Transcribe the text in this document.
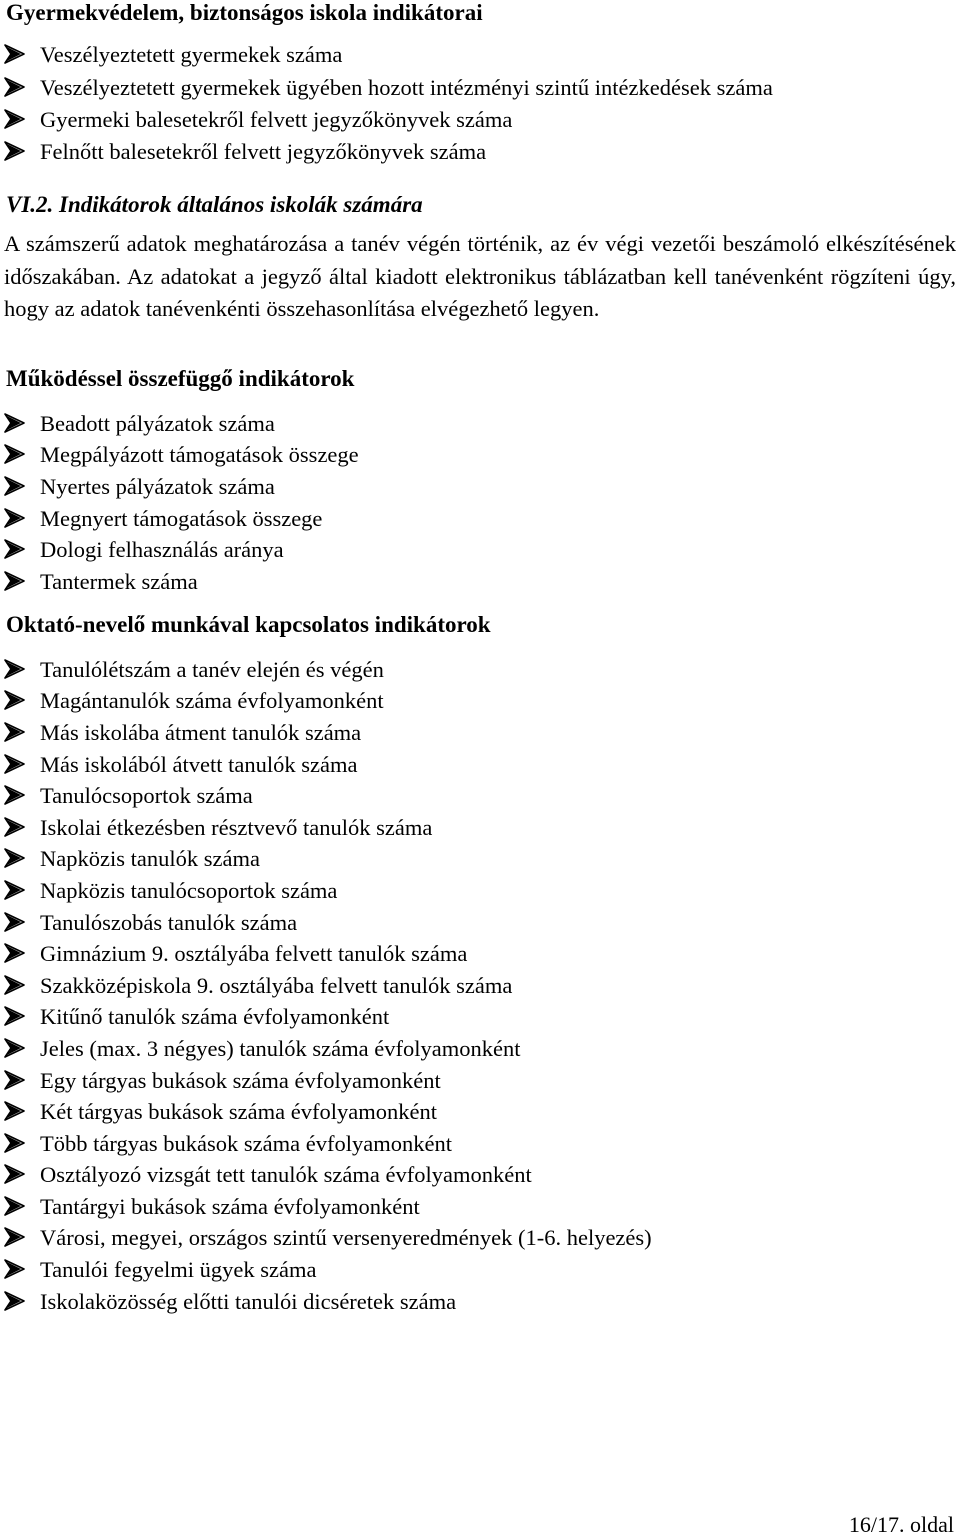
Gyermekvédelem, biztonságos iskola indikátorai
Veszélyeztetett gyermekek száma
Veszélyeztetett gyermekek ügyében hozott intézményi szintű intézkedések száma
Gyermeki balesetekről felvett jegyzőkönyvek száma
Felnőtt balesetekről felvett jegyzőkönyvek száma
VI.2. Indikátorok általános iskolák számára

A számszerű adatok meghatározása a tanév végén történik, az év végi vezetői beszámoló elkészítésének időszakában. Az adatokat a jegyző által kiadott elektronikus táblázatban kell tanévenként rögzíteni úgy, hogy az adatok tanévenkénti összehasonlítása elvégezhető legyen.

Működéssel összefüggő indikátorok
Beadott pályázatok száma
Megpályázott támogatások összege
Nyertes pályázatok száma
Megnyert támogatások összege
Dologi felhasználás aránya
Tantermek száma
Oktató-nevelő munkával kapcsolatos indikátorok
Tanulólétszám a tanév elején és végén
Magántanulók száma évfolyamonként
Más iskolába átment tanulók száma
Más iskolából átvett tanulók száma
Tanulócsoportok száma
Iskolai étkezésben résztvevő tanulók száma
Napközis tanulók száma
Napközis tanulócsoportok száma
Tanulószobás tanulók száma
Gimnázium 9. osztályába felvett tanulók száma
Szakközépiskola 9. osztályába felvett tanulók száma
Kitűnő tanulók száma évfolyamonként
Jeles (max. 3 négyes) tanulók száma évfolyamonként
Egy tárgyas bukások száma évfolyamonként
Két tárgyas bukások száma évfolyamonként
Több tárgyas bukások száma évfolyamonként
Osztályozó vizsgát tett tanulók száma évfolyamonként
Tantárgyi bukások száma évfolyamonként
Városi, megyei, országos szintű versenyeredmények (1-6. helyezés)
Tanulói fegyelmi ügyek száma
Iskolaközösség előtti tanulói dicséretek száma
16/17. oldal
